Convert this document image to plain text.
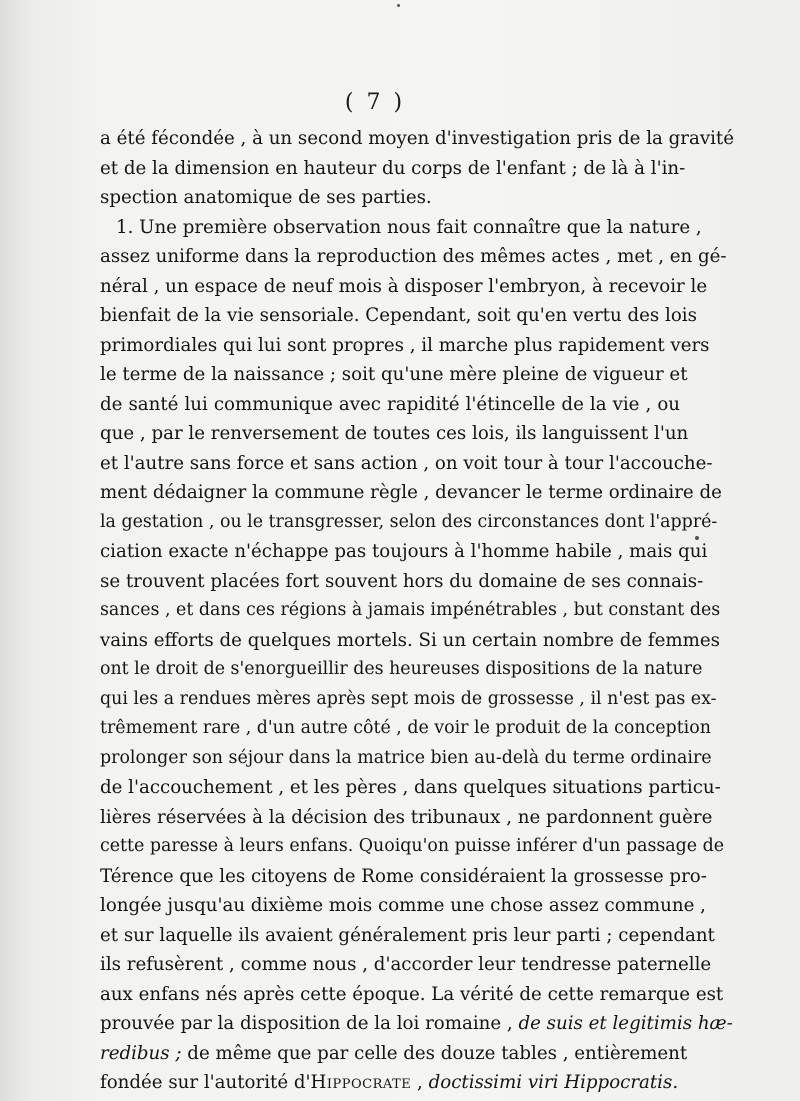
( 7 )
a été fécondée , à un second moyen d'investigation pris de la gravité
et de la dimension en hauteur du corps de l'enfant ; de là à l'in-
spection anatomique de ses parties.
1. Une première observation nous fait connaître que la nature ,
assez uniforme dans la reproduction des mêmes actes , met , en gé-
néral , un espace de neuf mois à disposer l'embryon, à recevoir le
bienfait de la vie sensoriale. Cependant, soit qu'en vertu des lois
primordiales qui lui sont propres , il marche plus rapidement vers
le terme de la naissance ; soit qu'une mère pleine de vigueur et
de santé lui communique avec rapidité l'étincelle de la vie , ou
que , par le renversement de toutes ces lois, ils languissent l'un
et l'autre sans force et sans action , on voit tour à tour l'accouche-
ment dédaigner la commune règle , devancer le terme ordinaire de
la gestation , ou le transgresser, selon des circonstances dont l'appré-
ciation exacte n'échappe pas toujours à l'homme habile , mais qui
se trouvent placées fort souvent hors du domaine de ses connais-
sances , et dans ces régions à jamais impénétrables , but constant des
vains efforts de quelques mortels. Si un certain nombre de femmes
ont le droit de s'enorgueillir des heureuses dispositions de la nature
qui les a rendues mères après sept mois de grossesse , il n'est pas ex-
trêmement rare , d'un autre côté , de voir le produit de la conception
prolonger son séjour dans la matrice bien au-delà du terme ordinaire
de l'accouchement , et les pères , dans quelques situations particu-
lières réservées à la décision des tribunaux , ne pardonnent guère
cette paresse à leurs enfans. Quoiqu'on puisse inférer d'un passage de
Térence que les citoyens de Rome considéraient la grossesse pro-
longée jusqu'au dixième mois comme une chose assez commune ,
et sur laquelle ils avaient généralement pris leur parti ; cependant
ils refusèrent , comme nous , d'accorder leur tendresse paternelle
aux enfans nés après cette époque. La vérité de cette remarque est
prouvée par la disposition de la loi romaine , de suis et legitimis hæ-
redibus ; de même que par celle des douze tables , entièrement
fondée sur l'autorité d'Hippocrate , doctissimi viri Hippocratis.
